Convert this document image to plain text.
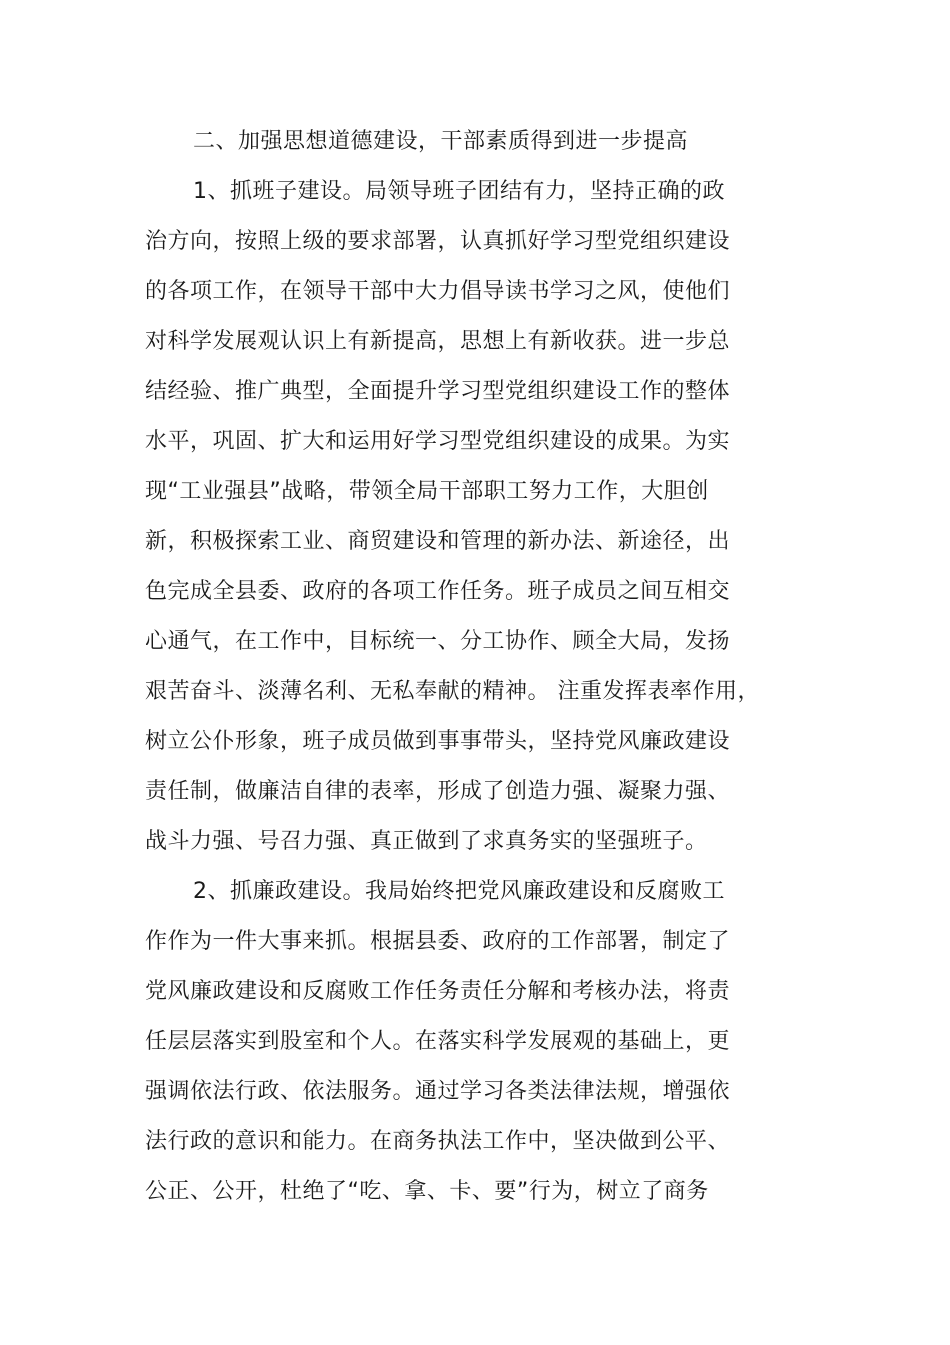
二、加强思想道德建设，干部素质得到进一步提高
1、抓班子建设。局领导班子团结有力，坚持正确的政
治方向，按照上级的要求部署，认真抓好学习型党组织建设
的各项工作，在领导干部中大力倡导读书学习之风，使他们
对科学发展观认识上有新提高，思想上有新收获。进一步总
结经验、推广典型，全面提升学习型党组织建设工作的整体
水平，巩固、扩大和运用好学习型党组织建设的成果。为实
现“工业强县”战略，带领全局干部职工努力工作，大胆创
新，积极探索工业、商贸建设和管理的新办法、新途径，出
色完成全县委、政府的各项工作任务。班子成员之间互相交
心通气，在工作中，目标统一、分工协作、顾全大局，发扬
艰苦奋斗、淡薄名利、无私奉献的精神。 注重发挥表率作用，
树立公仆形象，班子成员做到事事带头，坚持党风廉政建设
责任制，做廉洁自律的表率，形成了创造力强、凝聚力强、
战斗力强、号召力强、真正做到了求真务实的坚强班子。
2、抓廉政建设。我局始终把党风廉政建设和反腐败工
作作为一件大事来抓。根据县委、政府的工作部署，制定了
党风廉政建设和反腐败工作任务责任分解和考核办法，将责
任层层落实到股室和个人。在落实科学发展观的基础上，更
强调依法行政、依法服务。通过学习各类法律法规，增强依
法行政的意识和能力。在商务执法工作中，坚决做到公平、
公正、公开，杜绝了“吃、拿、卡、要”行为，树立了商务
